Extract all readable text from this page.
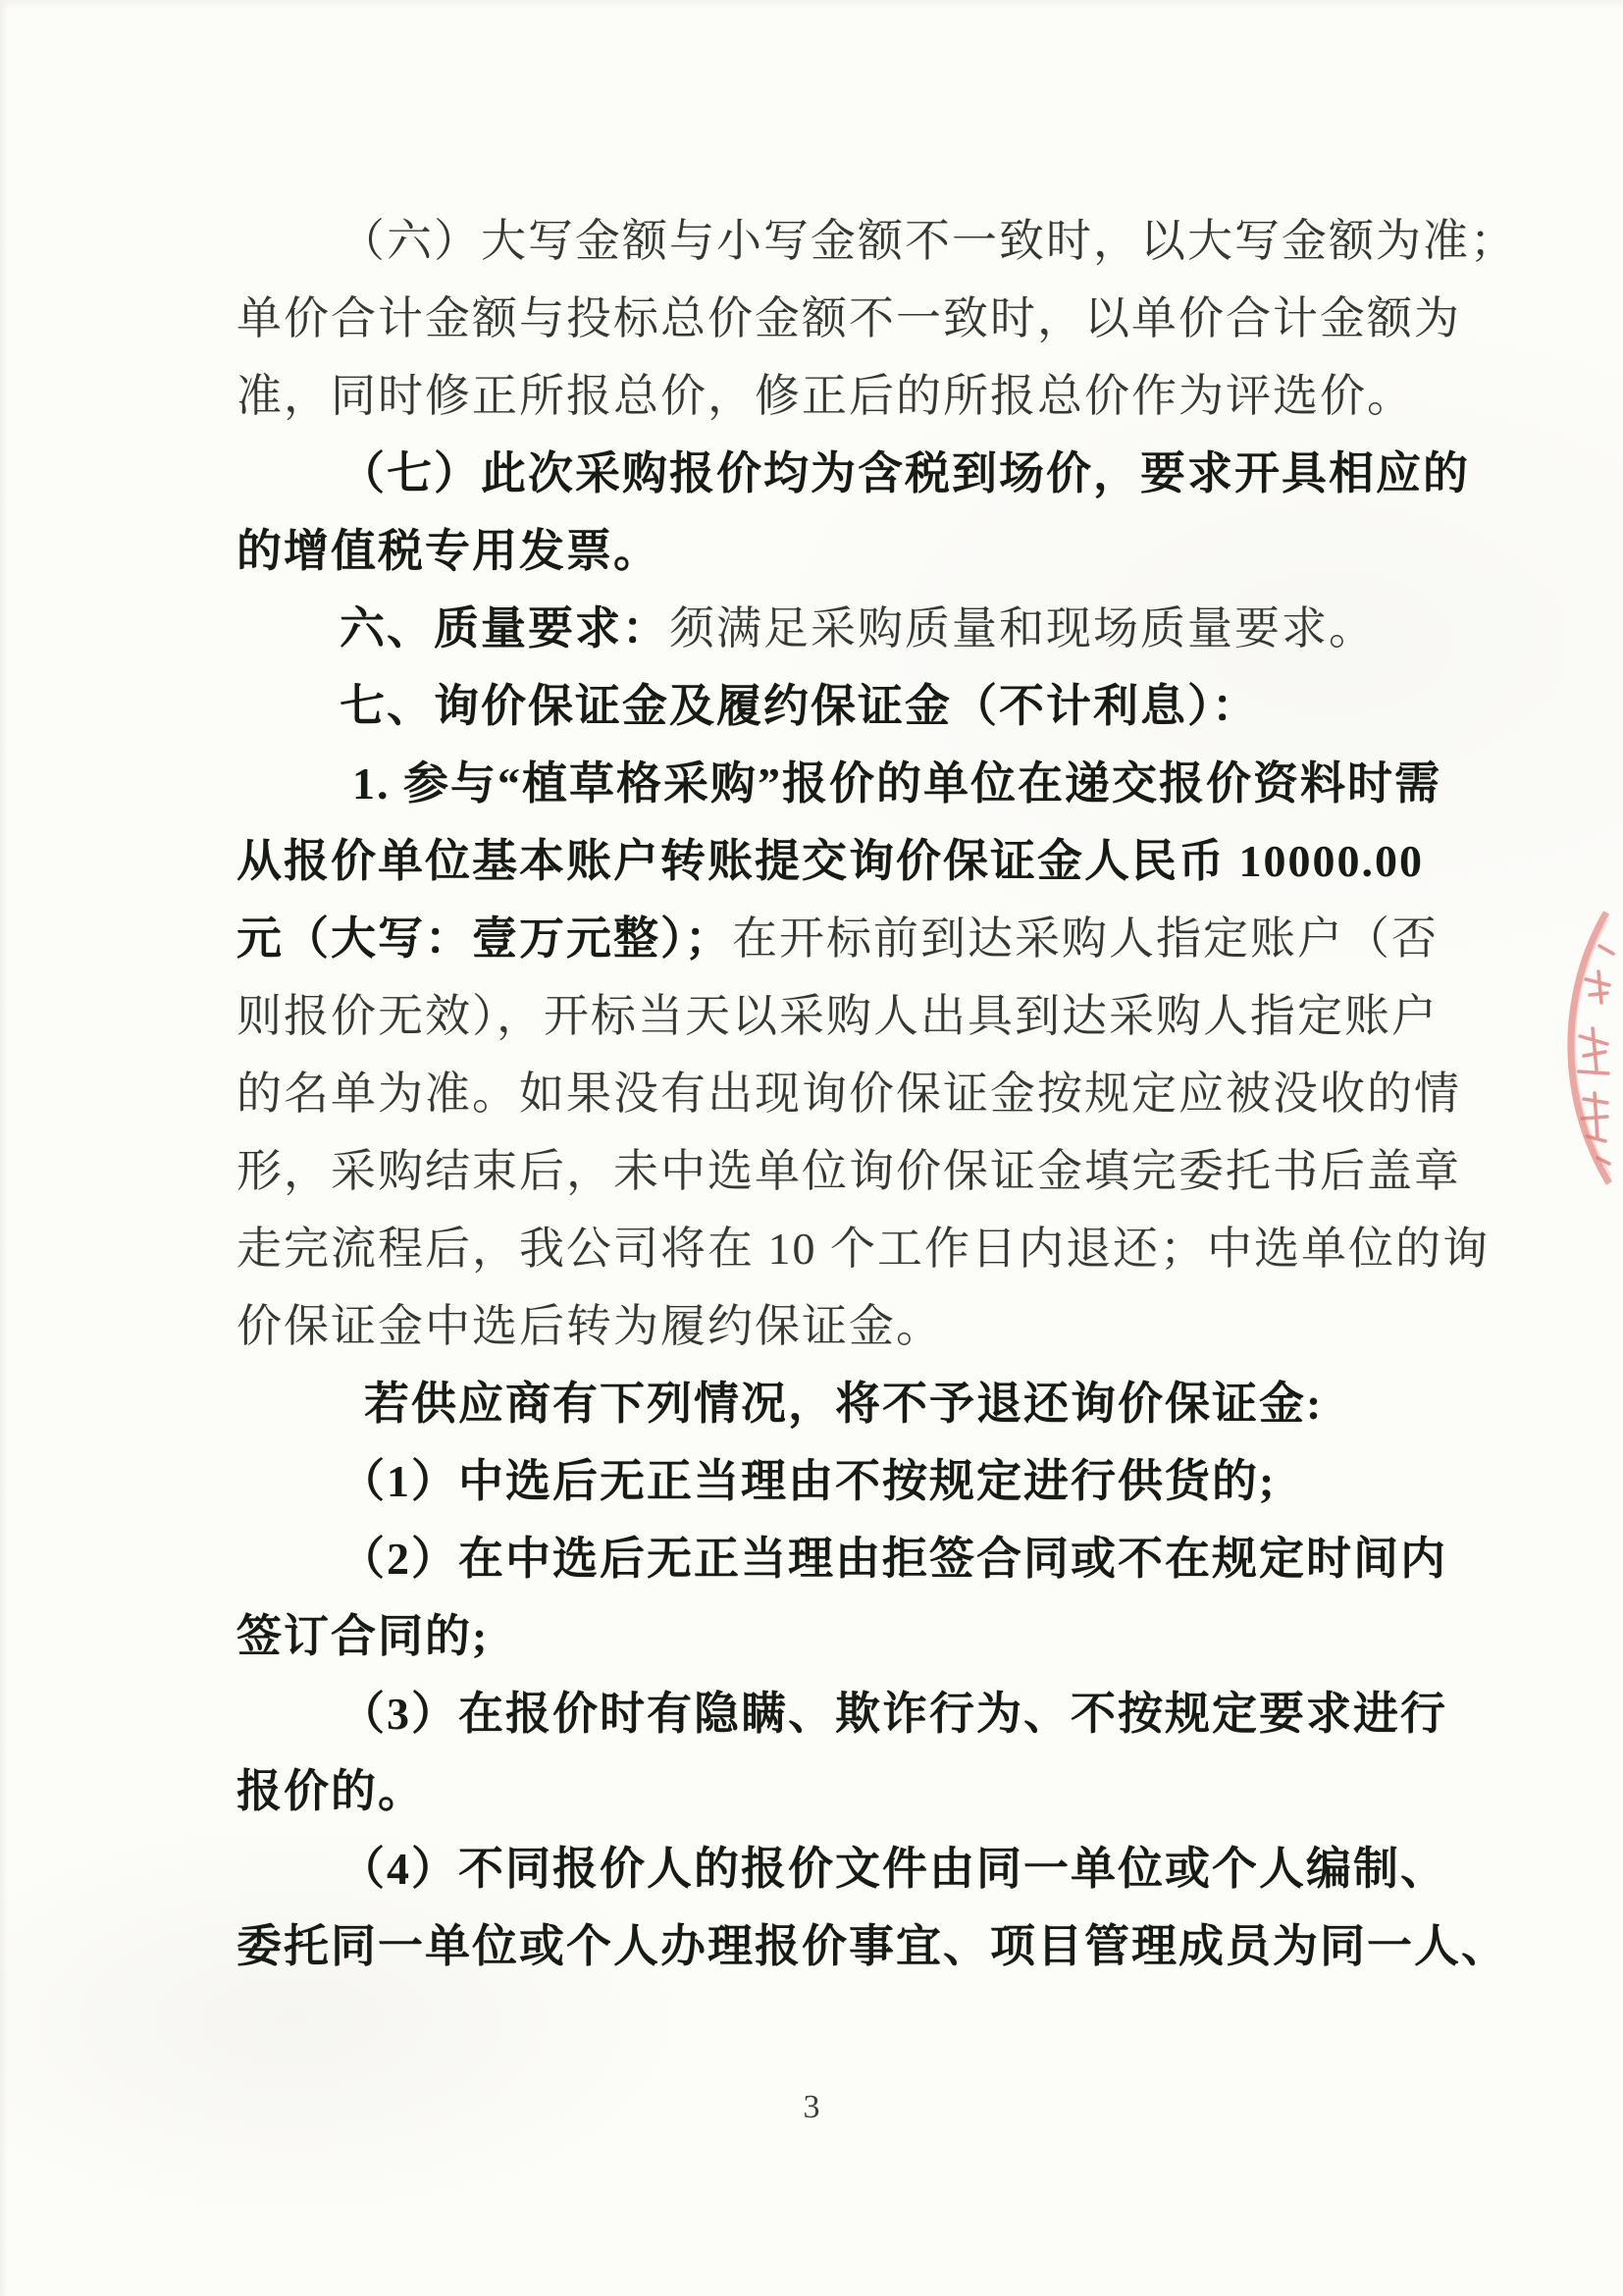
（六）大写金额与小写金额不一致时，以大写金额为准；

单价合计金额与投标总价金额不一致时，以单价合计金额为

准，同时修正所报总价，修正后的所报总价作为评选价。

（七）此次采购报价均为含税到场价，要求开具相应的

的增值税专用发票。

六、质量要求：须满足采购质量和现场质量要求。

七、询价保证金及履约保证金（不计利息）：

1. 参与“植草格采购”报价的单位在递交报价资料时需

从报价单位基本账户转账提交询价保证金人民币 10000.00

元（大写：壹万元整）；在开标前到达采购人指定账户（否

则报价无效），开标当天以采购人出具到达采购人指定账户

的名单为准。如果没有出现询价保证金按规定应被没收的情

形，采购结束后，未中选单位询价保证金填完委托书后盖章

走完流程后，我公司将在 10 个工作日内退还；中选单位的询

价保证金中选后转为履约保证金。

若供应商有下列情况，将不予退还询价保证金:

（1）中选后无正当理由不按规定进行供货的;

（2）在中选后无正当理由拒签合同或不在规定时间内

签订合同的;

（3）在报价时有隐瞒、欺诈行为、不按规定要求进行

报价的。

（4）不同报价人的报价文件由同一单位或个人编制、

委托同一单位或个人办理报价事宜、项目管理成员为同一人、

3
